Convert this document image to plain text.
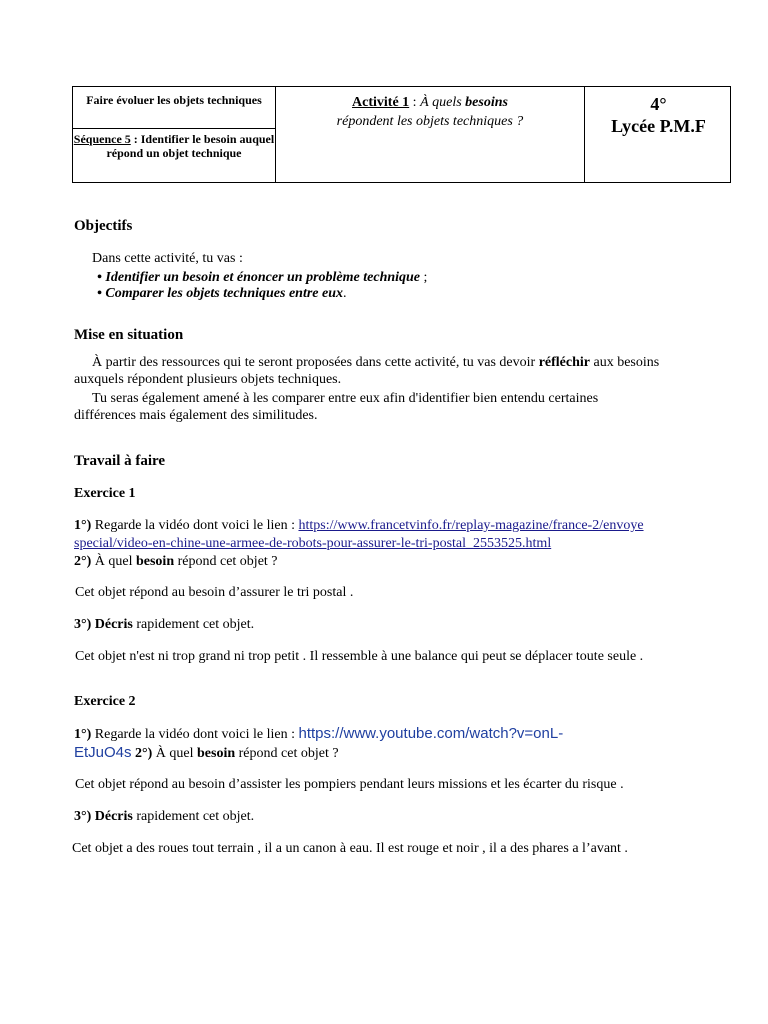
Faire évoluer les objets techniques
Séquence 5 : Identifier le besoin auquel répond un objet technique
Activité 1 : À quels besoins
répondent les objets techniques ?
4°
Lycée P.M.F
Objectifs
Dans cette activité, tu vas :
• Identifier un besoin et énoncer un problème technique ;
• Comparer les objets techniques entre eux.
Mise en situation
À partir des ressources qui te seront proposées dans cette activité, tu vas devoir réfléchir aux besoins
auxquels répondent plusieurs objets techniques.
Tu seras également amené à les comparer entre eux afin d'identifier bien entendu certaines
différences mais également des similitudes.
Travail à faire
Exercice 1
1°) Regarde la vidéo dont voici le lien : https://www.francetvinfo.fr/replay-magazine/france-2/envoye
special/video-en-chine-une-armee-de-robots-pour-assurer-le-tri-postal_2553525.html
2°) À quel besoin répond cet objet ?
Cet objet répond au besoin d’assurer le tri postal .
3°) Décris rapidement cet objet.
Cet objet n'est ni trop grand ni trop petit . Il ressemble à une balance qui peut se déplacer toute seule .
Exercice 2
1°) Regarde la vidéo dont voici le lien : https://www.youtube.com/watch?v=onL-
EtJuO4s 2°) À quel besoin répond cet objet ?
Cet objet répond au besoin d’assister les pompiers pendant leurs missions et les écarter du risque .
3°) Décris rapidement cet objet.
Cet objet a des roues tout terrain , il a un canon à eau. Il est rouge et noir , il a des phares a l’avant .
